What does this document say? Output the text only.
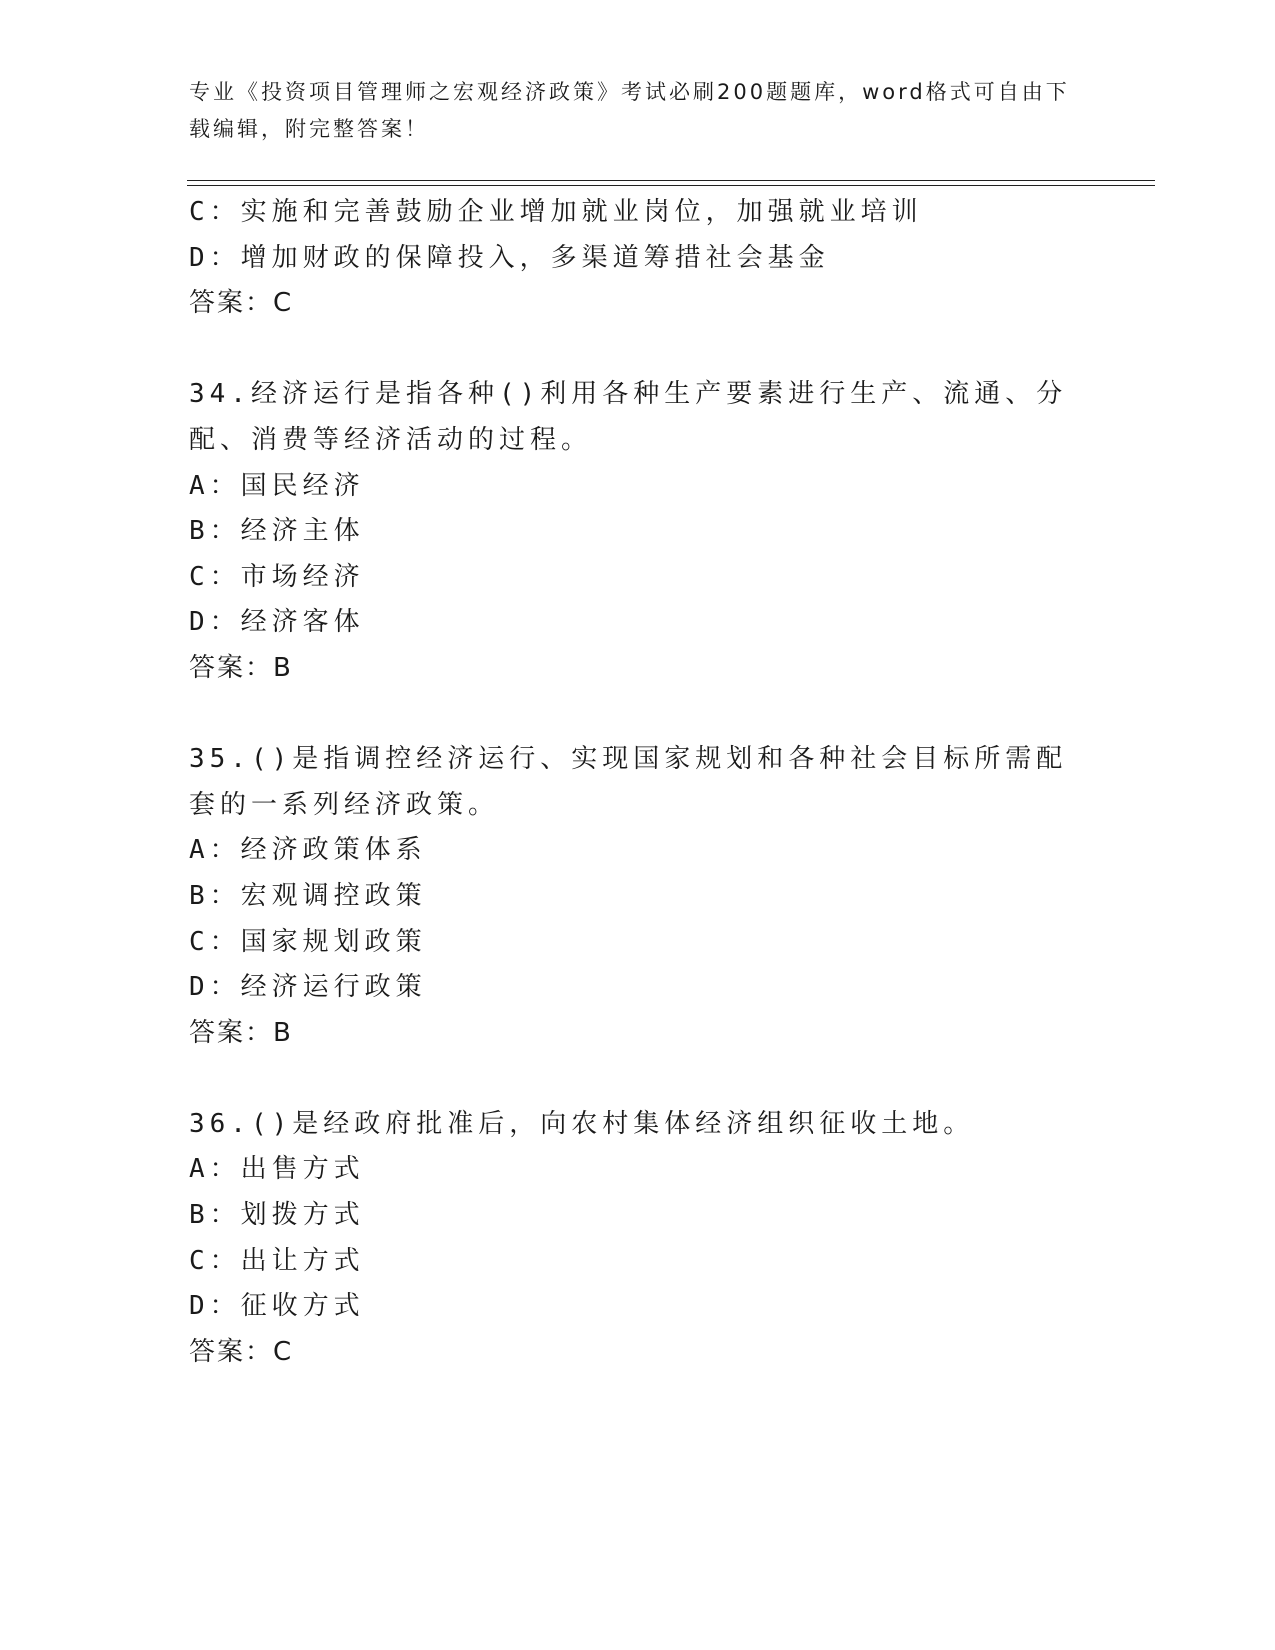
专业《投资项目管理师之宏观经济政策》考试必刷200题题库，word格式可自由下载编辑，附完整答案！
C：实施和完善鼓励企业增加就业岗位，加强就业培训
D：增加财政的保障投入，多渠道筹措社会基金
答案：C
34.经济运行是指各种()利用各种生产要素进行生产、流通、分配、消费等经济活动的过程。
A：国民经济
B：经济主体
C：市场经济
D：经济客体
答案：B
35.()是指调控经济运行、实现国家规划和各种社会目标所需配套的一系列经济政策。
A：经济政策体系
B：宏观调控政策
C：国家规划政策
D：经济运行政策
答案：B
36.()是经政府批准后，向农村集体经济组织征收土地。
A：出售方式
B：划拨方式
C：出让方式
D：征收方式
答案：C
